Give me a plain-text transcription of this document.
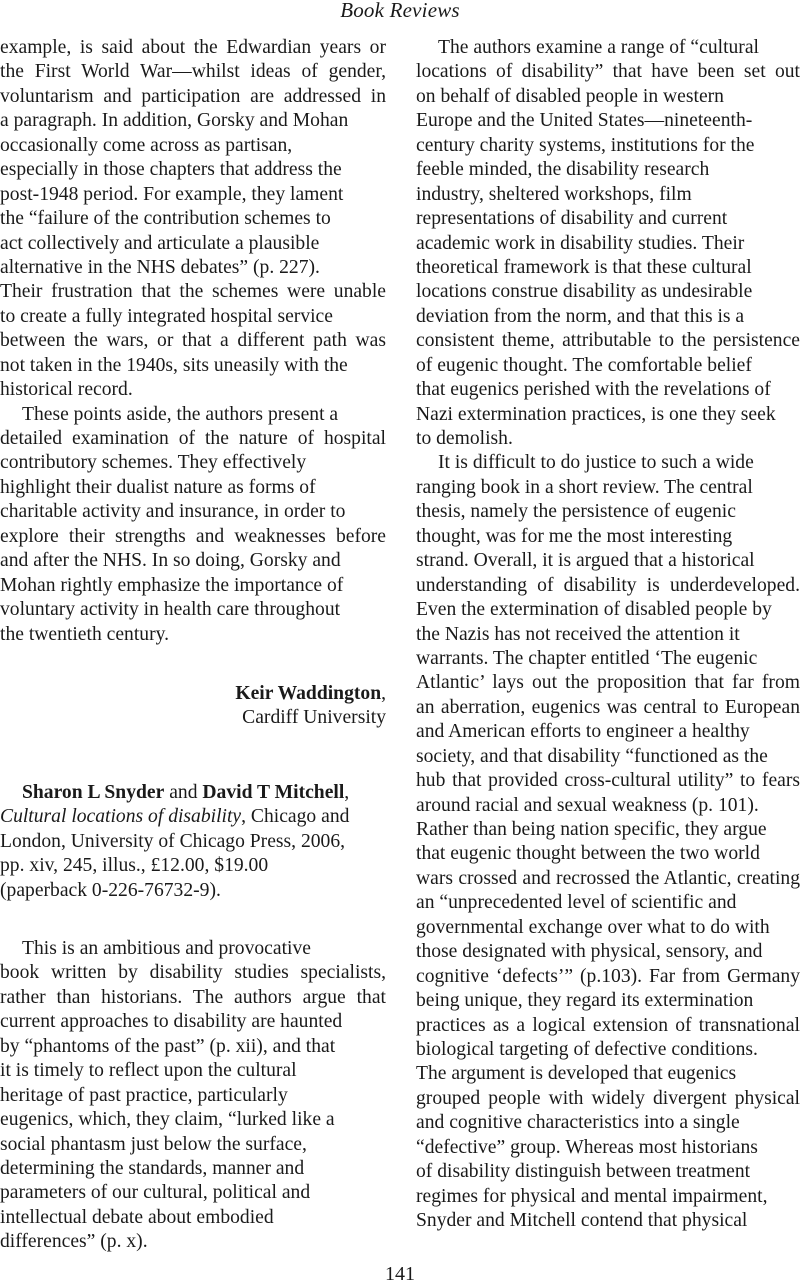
Book Reviews
example, is said about the Edwardian years or
the First World War—whilst ideas of gender,
voluntarism and participation are addressed in
a paragraph. In addition, Gorsky and Mohan
occasionally come across as partisan,
especially in those chapters that address the
post-1948 period. For example, they lament
the “failure of the contribution schemes to
act collectively and articulate a plausible
alternative in the NHS debates” (p. 227).
Their frustration that the schemes were unable
to create a fully integrated hospital service
between the wars, or that a different path was
not taken in the 1940s, sits uneasily with the
historical record.
These points aside, the authors present a
detailed examination of the nature of hospital
contributory schemes. They effectively
highlight their dualist nature as forms of
charitable activity and insurance, in order to
explore their strengths and weaknesses before
and after the NHS. In so doing, Gorsky and
Mohan rightly emphasize the importance of
voluntary activity in health care throughout
the twentieth century.
Keir Waddington,
Cardiff University
Sharon L Snyder and David T Mitchell,
Cultural locations of disability, Chicago and
London, University of Chicago Press, 2006,
pp. xiv, 245, illus., £12.00, $19.00
(paperback 0-226-76732-9).
This is an ambitious and provocative
book written by disability studies specialists,
rather than historians. The authors argue that
current approaches to disability are haunted
by “phantoms of the past” (p. xii), and that
it is timely to reflect upon the cultural
heritage of past practice, particularly
eugenics, which, they claim, “lurked like a
social phantasm just below the surface,
determining the standards, manner and
parameters of our cultural, political and
intellectual debate about embodied
differences” (p. x).
The authors examine a range of “cultural
locations of disability” that have been set out
on behalf of disabled people in western
Europe and the United States—nineteenth-
century charity systems, institutions for the
feeble minded, the disability research
industry, sheltered workshops, film
representations of disability and current
academic work in disability studies. Their
theoretical framework is that these cultural
locations construe disability as undesirable
deviation from the norm, and that this is a
consistent theme, attributable to the persistence
of eugenic thought. The comfortable belief
that eugenics perished with the revelations of
Nazi extermination practices, is one they seek
to demolish.
It is difficult to do justice to such a wide
ranging book in a short review. The central
thesis, namely the persistence of eugenic
thought, was for me the most interesting
strand. Overall, it is argued that a historical
understanding of disability is underdeveloped.
Even the extermination of disabled people by
the Nazis has not received the attention it
warrants. The chapter entitled ‘The eugenic
Atlantic’ lays out the proposition that far from
an aberration, eugenics was central to European
and American efforts to engineer a healthy
society, and that disability “functioned as the
hub that provided cross-cultural utility” to fears
around racial and sexual weakness (p. 101).
Rather than being nation specific, they argue
that eugenic thought between the two world
wars crossed and recrossed the Atlantic, creating
an “unprecedented level of scientific and
governmental exchange over what to do with
those designated with physical, sensory, and
cognitive ‘defects’” (p.103). Far from Germany
being unique, they regard its extermination
practices as a logical extension of transnational
biological targeting of defective conditions.
The argument is developed that eugenics
grouped people with widely divergent physical
and cognitive characteristics into a single
“defective” group. Whereas most historians
of disability distinguish between treatment
regimes for physical and mental impairment,
Snyder and Mitchell contend that physical
141
